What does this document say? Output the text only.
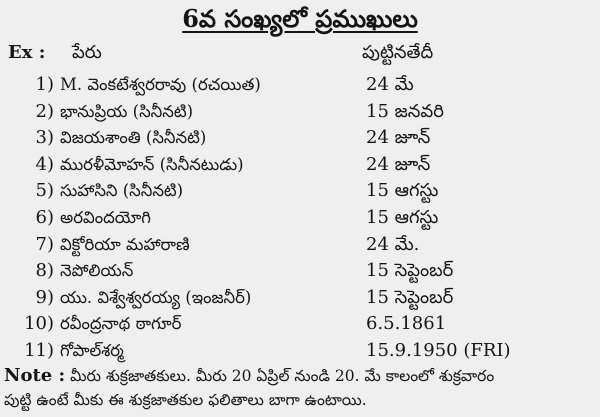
6వ సంఖ్యలో ప్రముఖులు
Ex : పేరు	పుట్టినతేదీ
1) M. వెంకటేశ్వరరావు (రచయిత)	24 మే
2) భానుప్రియ (సినీనటి)	15 జనవరి
3) విజయశాంతి (సినీనటి)	24 జూన్
4) మురళీమోహన్ (సినీనటుడు)	24 జూన్
5) సుహాసిని (సినీనటి)	15 ఆగస్టు
6) అరవిందయోగి	15 ఆగస్టు
7) విక్టోరియా మహారాణి	24 మే.
8) నెపోలియన్	15 సెప్టెంబర్
9) యు. విశ్వేశ్వరయ్య (ఇంజనీర్)	15 సెప్టెంబర్
10) రవీంద్రనాథ ఠాగూర్	6.5.1861
11) గోపాల్‌శర్మ	15.9.1950 (FRI)
Note : మీరు శుక్రజాతకులు. మీరు 20 ఏప్రిల్ నుండి 20. మే కాలంలో శుక్రవారం
పుట్టి ఉంటే మీకు ఈ శుక్రజాతకుల ఫలితాలు బాగా ఉంటాయి.
